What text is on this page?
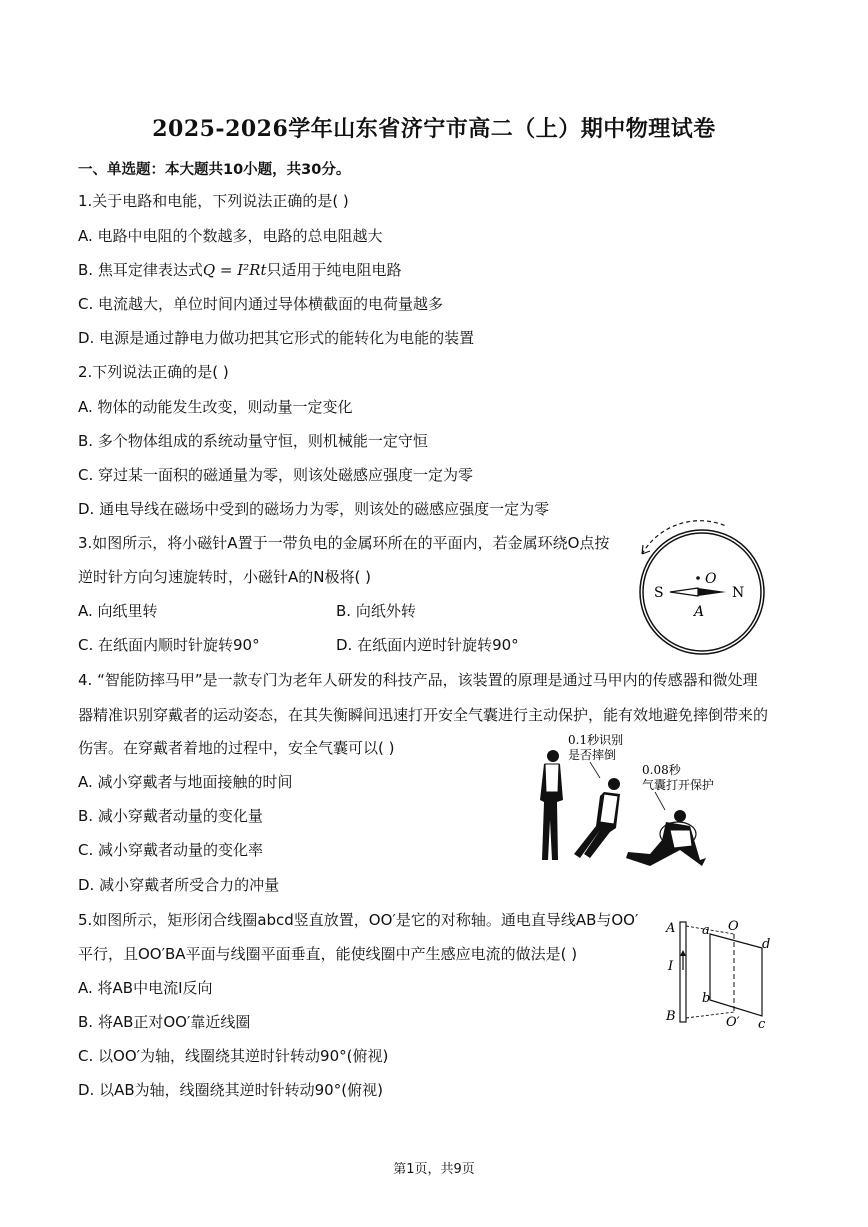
2025-2026学年山东省济宁市高二（上）期中物理试卷
一、单选题：本大题共10小题，共30分。
1.关于电路和电能，下列说法正确的是( )
A. 电路中电阻的个数越多，电路的总电阻越大
B. 焦耳定律表达式Q = I²Rt只适用于纯电阻电路
C. 电流越大，单位时间内通过导体横截面的电荷量越多
D. 电源是通过静电力做功把其它形式的能转化为电能的装置
2.下列说法正确的是( )
A. 物体的动能发生改变，则动量一定变化
B. 多个物体组成的系统动量守恒，则机械能一定守恒
C. 穿过某一面积的磁通量为零，则该处磁感应强度一定为零
D. 通电导线在磁场中受到的磁场力为零，则该处的磁感应强度一定为零
3.如图所示，将小磁针A置于一带负电的金属环所在的平面内，若金属环绕O点按
逆时针方向匀速旋转时，小磁针A的N极将( )
A. 向纸里转	B. 向纸外转
C. 在纸面内顺时针旋转90°	D. 在纸面内逆时针旋转90°
O
S	N
A
4. “智能防摔马甲”是一款专门为老年人研发的科技产品，该装置的原理是通过马甲内的传感器和微处理
器精准识别穿戴者的运动姿态，在其失衡瞬间迅速打开安全气囊进行主动保护，能有效地避免摔倒带来的
伤害。在穿戴者着地的过程中，安全气囊可以( )
A. 减小穿戴者与地面接触的时间
B. 减小穿戴者动量的变化量
C. 减小穿戴者动量的变化率
D. 减小穿戴者所受合力的冲量
0.1秒识别
是否摔倒
0.08秒
气囊打开保护
5.如图所示，矩形闭合线圈abcd竖直放置，OO′是它的对称轴。通电直导线AB与OO′
平行，且OO′BA平面与线圈平面垂直，能使线圈中产生感应电流的做法是( )
A. 将AB中电流I反向
B. 将AB正对OO′靠近线圈
C. 以OO′为轴，线圈绕其逆时针转动90°(俯视)
D. 以AB为轴，线圈绕其逆时针转动90°(俯视)
A
B
I
a
b
c
d
O
O′
第1页，共9页
